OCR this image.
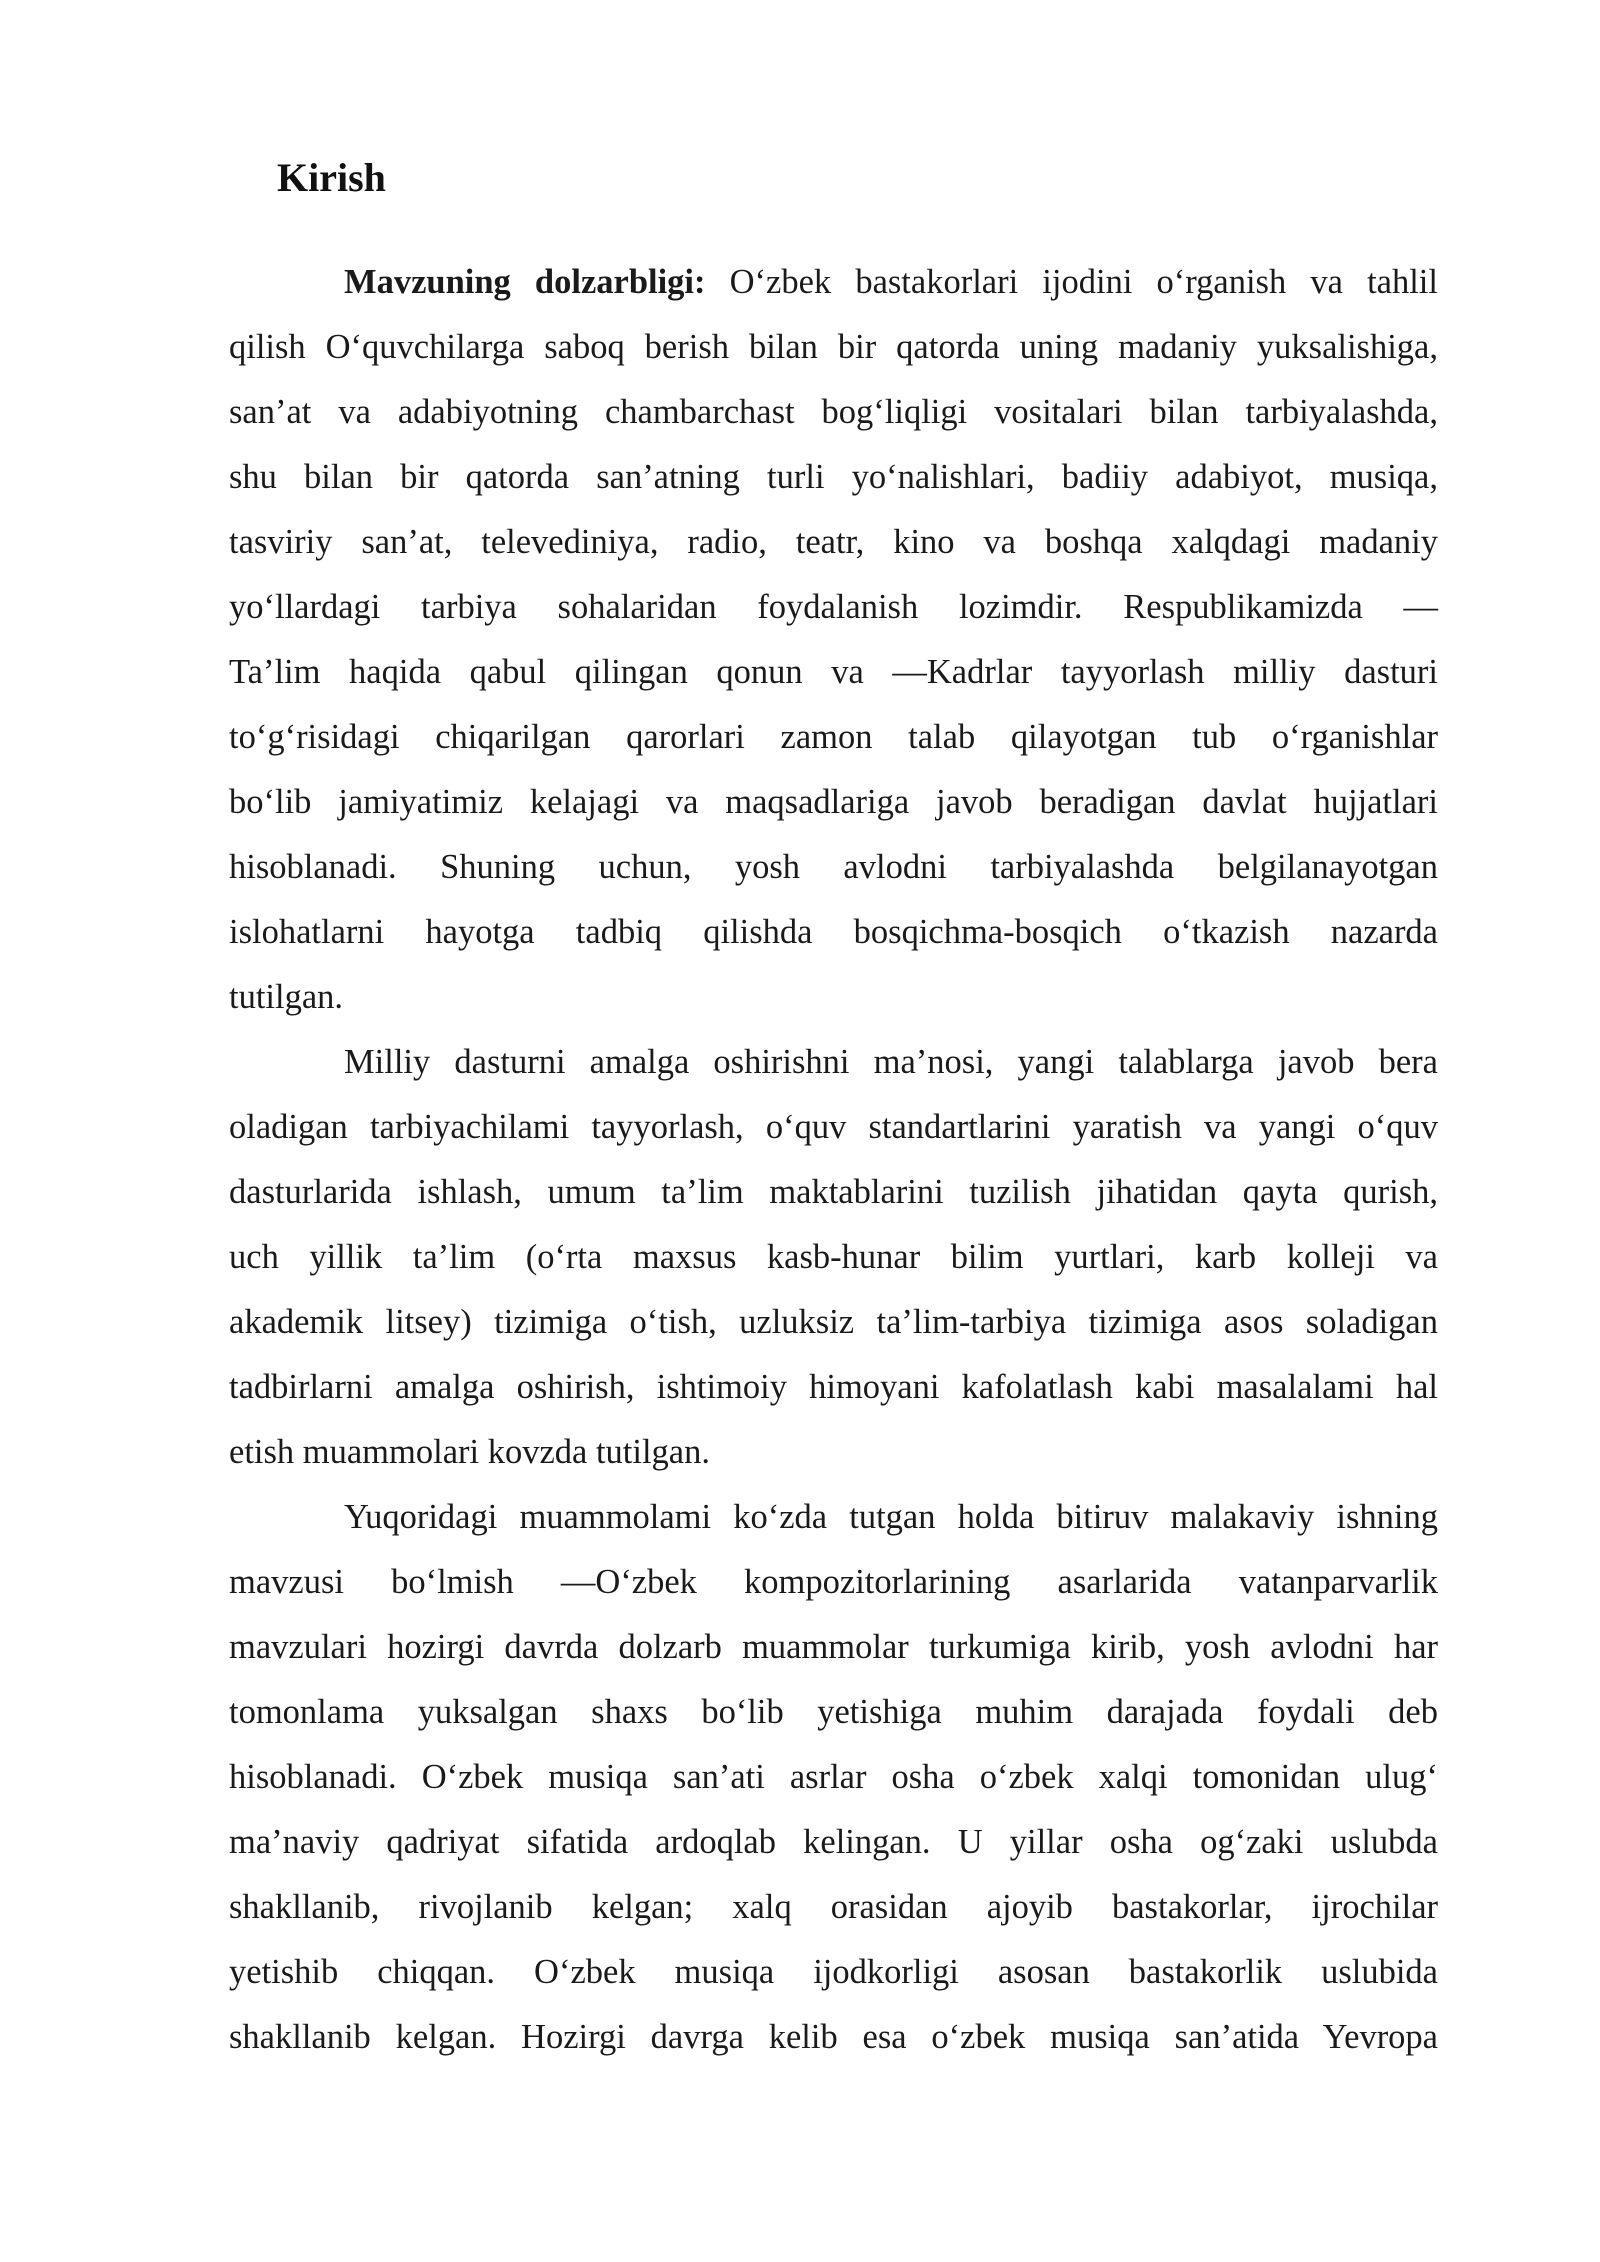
Kirish
Mavzuning dolzarbligi: O‘zbek bastakorlari ijodini o‘rganish va tahlil
qilish O‘quvchilarga saboq berish bilan bir qatorda uning madaniy yuksalishiga,
san’at va adabiyotning chambarchast bog‘liqligi vositalari bilan tarbiyalashda,
shu bilan bir qatorda san’atning turli yo‘nalishlari, badiiy adabiyot, musiqa,
tasviriy san’at, televediniya, radio, teatr, kino va boshqa xalqdagi madaniy
yo‘llardagi tarbiya sohalaridan foydalanish lozimdir. Respublikamizda —
Ta’lim haqida qabul qilingan qonun va —Kadrlar tayyorlash milliy dasturi
to‘g‘risidagi chiqarilgan qarorlari zamon talab qilayotgan tub o‘rganishlar
bo‘lib jamiyatimiz kelajagi va maqsadlariga javob beradigan davlat hujjatlari
hisoblanadi. Shuning uchun, yosh avlodni tarbiyalashda belgilanayotgan
islohatlarni hayotga tadbiq qilishda bosqichma-bosqich o‘tkazish nazarda
tutilgan.
Milliy dasturni amalga oshirishni ma’nosi, yangi talablarga javob bera
oladigan tarbiyachilami tayyorlash, o‘quv standartlarini yaratish va yangi o‘quv
dasturlarida ishlash, umum ta’lim maktablarini tuzilish jihatidan qayta qurish,
uch yillik ta’lim (o‘rta maxsus kasb-hunar bilim yurtlari, karb kolleji va
akademik litsey) tizimiga o‘tish, uzluksiz ta’lim-tarbiya tizimiga asos soladigan
tadbirlarni amalga oshirish, ishtimoiy himoyani kafolatlash kabi masalalami hal
etish muammolari kovzda tutilgan.
Yuqoridagi muammolami ko‘zda tutgan holda bitiruv malakaviy ishning
mavzusi bo‘lmish —O‘zbek kompozitorlarining asarlarida vatanparvarlik
mavzulari hozirgi davrda dolzarb muammolar turkumiga kirib, yosh avlodni har
tomonlama yuksalgan shaxs bo‘lib yetishiga muhim darajada foydali deb
hisoblanadi. O‘zbek musiqa san’ati asrlar osha o‘zbek xalqi tomonidan ulug‘
ma’naviy qadriyat sifatida ardoqlab kelingan. U yillar osha og‘zaki uslubda
shakllanib, rivojlanib kelgan; xalq orasidan ajoyib bastakorlar, ijrochilar
yetishib chiqqan. O‘zbek musiqa ijodkorligi asosan bastakorlik uslubida
shakllanib kelgan. Hozirgi davrga kelib esa o‘zbek musiqa san’atida Yevropa
